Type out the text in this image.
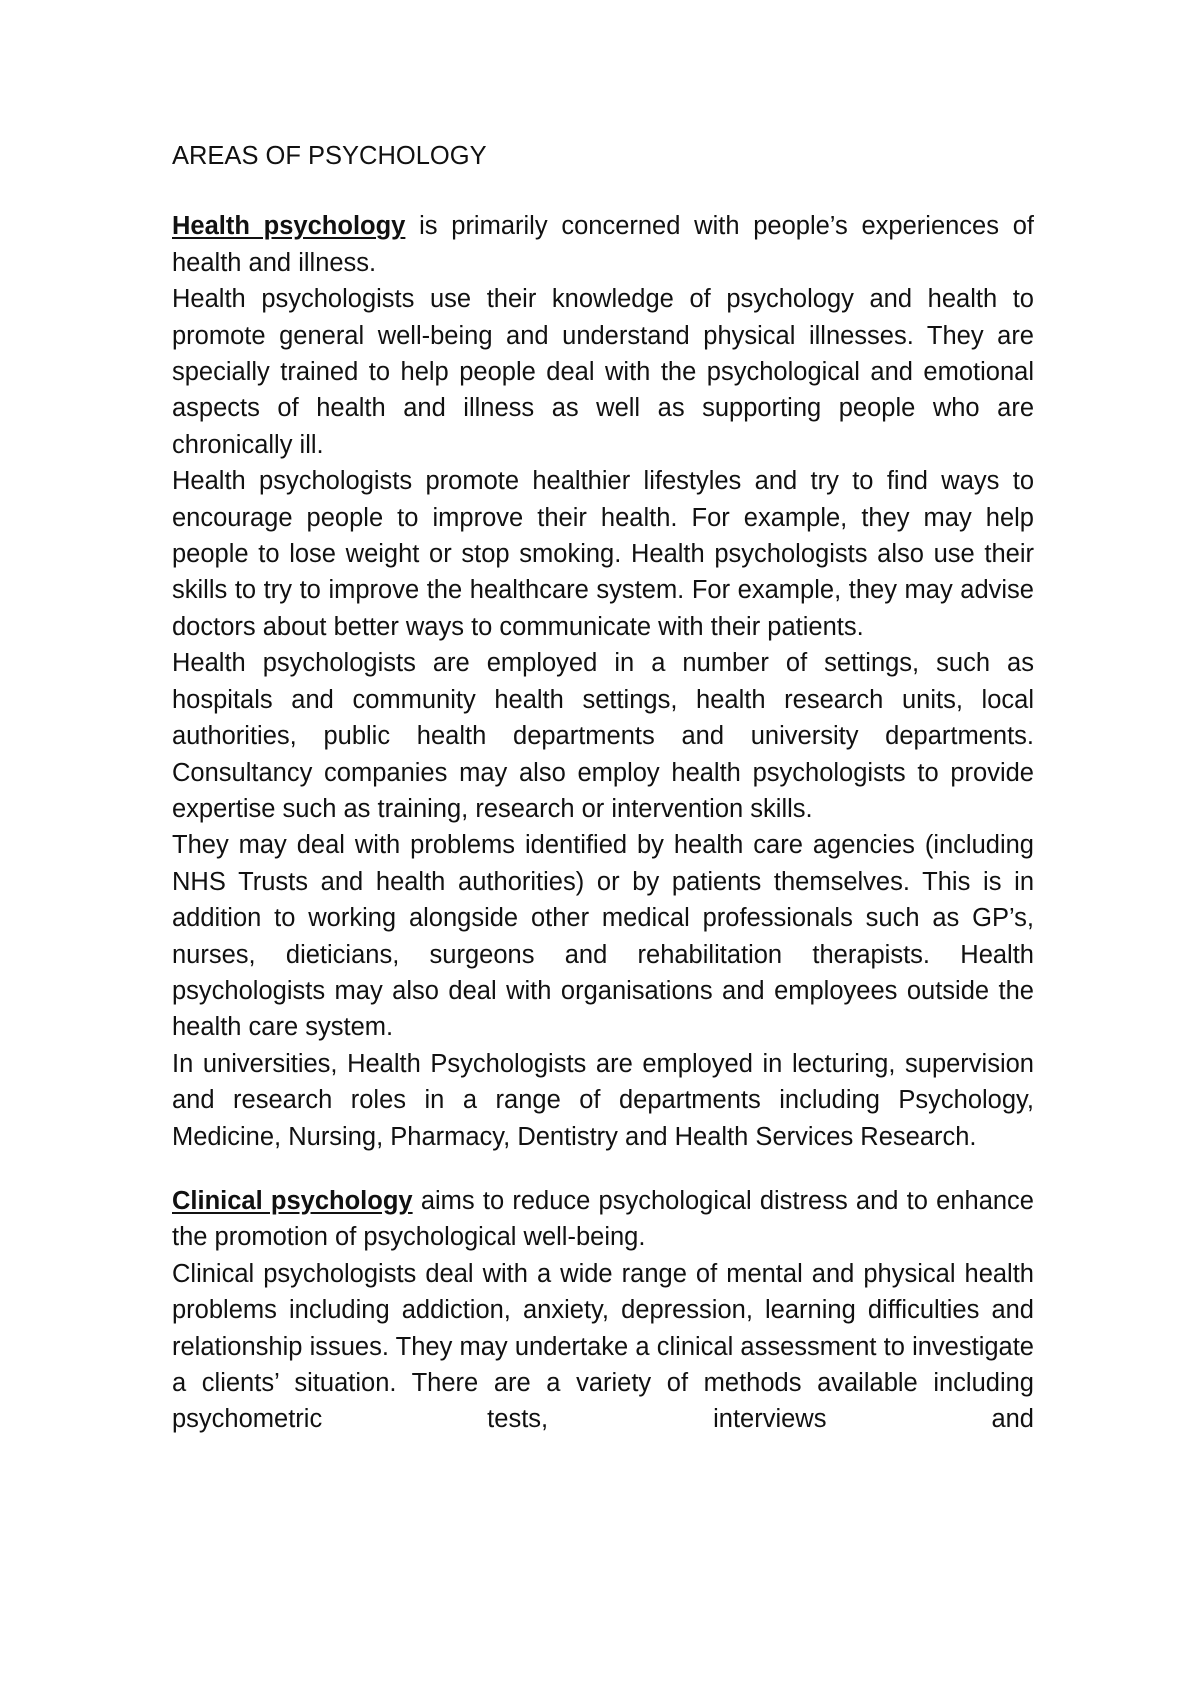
AREAS OF PSYCHOLOGY

Health psychology is primarily concerned with people’s experiences of health and illness.

Health psychologists use their knowledge of psychology and health to promote general well-being and understand physical illnesses. They are specially trained to help people deal with the psychological and emotional aspects of health and illness as well as supporting people who are chronically ill.

Health psychologists promote healthier lifestyles and try to find ways to encourage people to improve their health. For example, they may help people to lose weight or stop smoking. Health psychologists also use their skills to try to improve the healthcare system. For example, they may advise doctors about better ways to communicate with their patients.

Health psychologists are employed in a number of settings, such as hospitals and community health settings, health research units, local authorities, public health departments and university departments. Consultancy companies may also employ health psychologists to provide expertise such as training, research or intervention skills.

They may deal with problems identified by health care agencies (including NHS Trusts and health authorities) or by patients themselves. This is in addition to working alongside other medical professionals such as GP’s, nurses, dieticians, surgeons and rehabilitation therapists. Health psychologists may also deal with organisations and employees outside the health care system.

In universities, Health Psychologists are employed in lecturing, supervision and research roles in a range of departments including Psychology, Medicine, Nursing, Pharmacy, Dentistry and Health Services Research.

Clinical psychology aims to reduce psychological distress and to enhance the promotion of psychological well-being.

Clinical psychologists deal with a wide range of mental and physical health problems including addiction, anxiety, depression, learning difficulties and relationship issues. They may undertake a clinical assessment to investigate a clients’ situation. There are a variety of methods available including psychometric tests, interviews and
